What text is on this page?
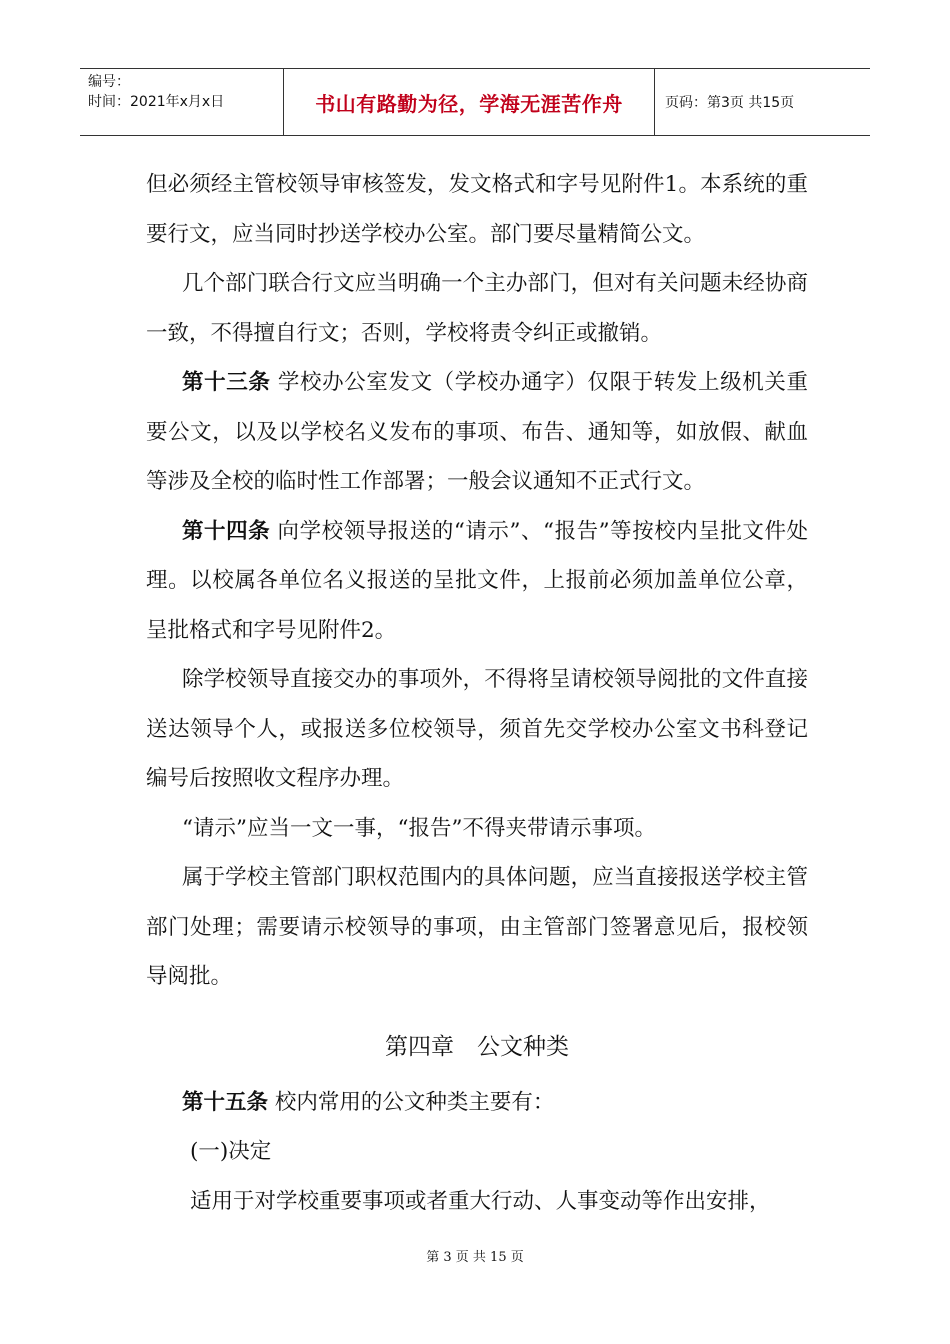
编号：
时间：2021年x月x日	书山有路勤为径，学海无涯苦作舟	页码：第3页 共15页

但必须经主管校领导审核签发，发文格式和字号见附件1。本系统的重要行文，应当同时抄送学校办公室。部门要尽量精简公文。

几个部门联合行文应当明确一个主办部门，但对有关问题未经协商一致，不得擅自行文；否则，学校将责令纠正或撤销。

第十三条 学校办公室发文（学校办通字）仅限于转发上级机关重要公文，以及以学校名义发布的事项、布告、通知等，如放假、献血等涉及全校的临时性工作部署；一般会议通知不正式行文。

第十四条 向学校领导报送的“请示”、“报告”等按校内呈批文件处理。以校属各单位名义报送的呈批文件，上报前必须加盖单位公章，呈批格式和字号见附件2。

除学校领导直接交办的事项外，不得将呈请校领导阅批的文件直接送达领导个人，或报送多位校领导，须首先交学校办公室文书科登记编号后按照收文程序办理。

“请示”应当一文一事，“报告”不得夹带请示事项。

属于学校主管部门职权范围内的具体问题，应当直接报送学校主管部门处理；需要请示校领导的事项，由主管部门签署意见后，报校领导阅批。

第四章　公文种类

第十五条 校内常用的公文种类主要有：

(一)决定

适用于对学校重要事项或者重大行动、人事变动等作出安排，

第 3 页 共 15 页
